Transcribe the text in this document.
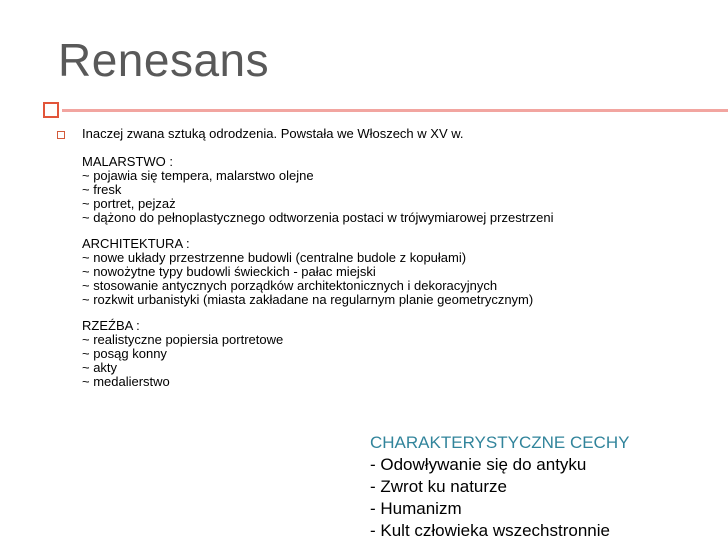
Renesans

Inaczej zwana sztuką odrodzenia. Powstała we Włoszech w XV w.

MALARSTWO :
~ pojawia się tempera, malarstwo olejne
~ fresk
~ portret, pejzaż
~ dążono do pełnoplastycznego odtworzenia postaci w trójwymiarowej przestrzeni
ARCHITEKTURA :
~ nowe układy przestrzenne budowli (centralne budole z kopułami)
~ nowożytne typy budowli świeckich - pałac miejski
~ stosowanie antycznych porządków architektonicznych i dekoracyjnych
~ rozkwit urbanistyki (miasta zakładane na regularnym planie geometrycznym)
RZEŹBA :
~ realistyczne popiersia portretowe
~ posąg konny
~ akty
~ medalierstwo
CHARAKTERYSTYCZNE CECHY
- Odowływanie się do antyku
- Zwrot ku naturze
- Humanizm
- Kult człowieka wszechstronnie
